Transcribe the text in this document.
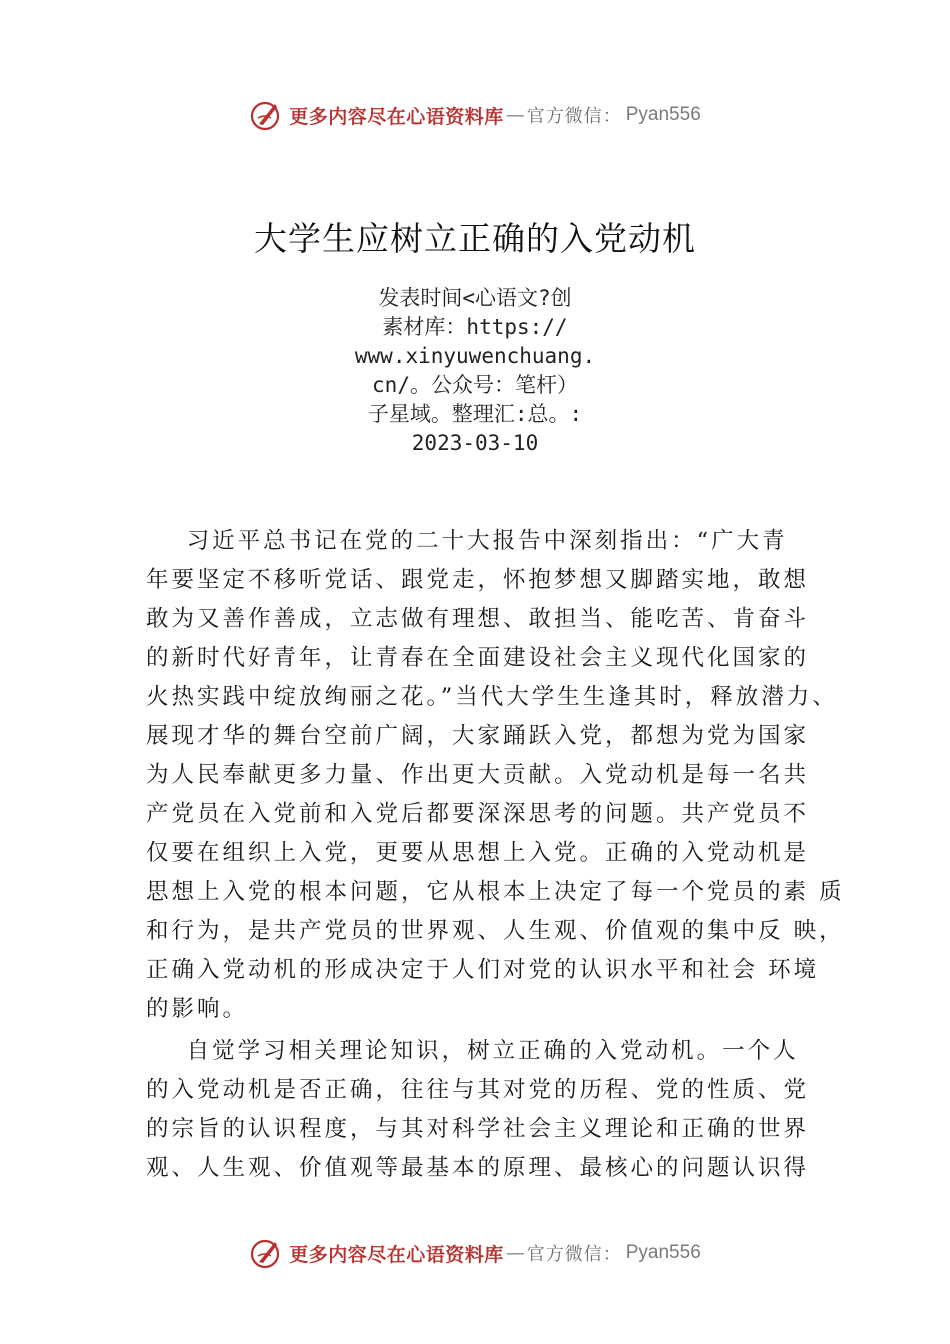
更多内容尽在心语资料库 — 官方微信： Pyan556
大学生应树立正确的入党动机
发表时间<心语文?创
素材库：https://
www.xinyuwenchuang.
cn/。公众号：笔杆）
子星域。整理汇:总。:
2023-03-10
习近平总书记在党的二十大报告中深刻指出：“广大青
年要坚定不移听党话、跟党走，怀抱梦想又脚踏实地，敢想
敢为又善作善成，立志做有理想、敢担当、能吃苦、肯奋斗
的新时代好青年，让青春在全面建设社会主义现代化国家的
火热实践中绽放绚丽之花。”当代大学生生逢其时，释放潜力、
展现才华的舞台空前广阔，大家踊跃入党，都想为党为国家
为人民奉献更多力量、作出更大贡献。入党动机是每一名共
产党员在入党前和入党后都要深深思考的问题。共产党员不
仅要在组织上入党，更要从思想上入党。正确的入党动机是
思想上入党的根本问题，它从根本上决定了每一个党员的素 质
和行为，是共产党员的世界观、人生观、价值观的集中反 映，
正确入党动机的形成决定于人们对党的认识水平和社会 环境
的影响。
自觉学习相关理论知识，树立正确的入党动机。一个人
的入党动机是否正确，往往与其对党的历程、党的性质、党
的宗旨的认识程度，与其对科学社会主义理论和正确的世界
观、人生观、价值观等最基本的原理、最核心的问题认识得
更多内容尽在心语资料库 — 官方微信： Pyan556
